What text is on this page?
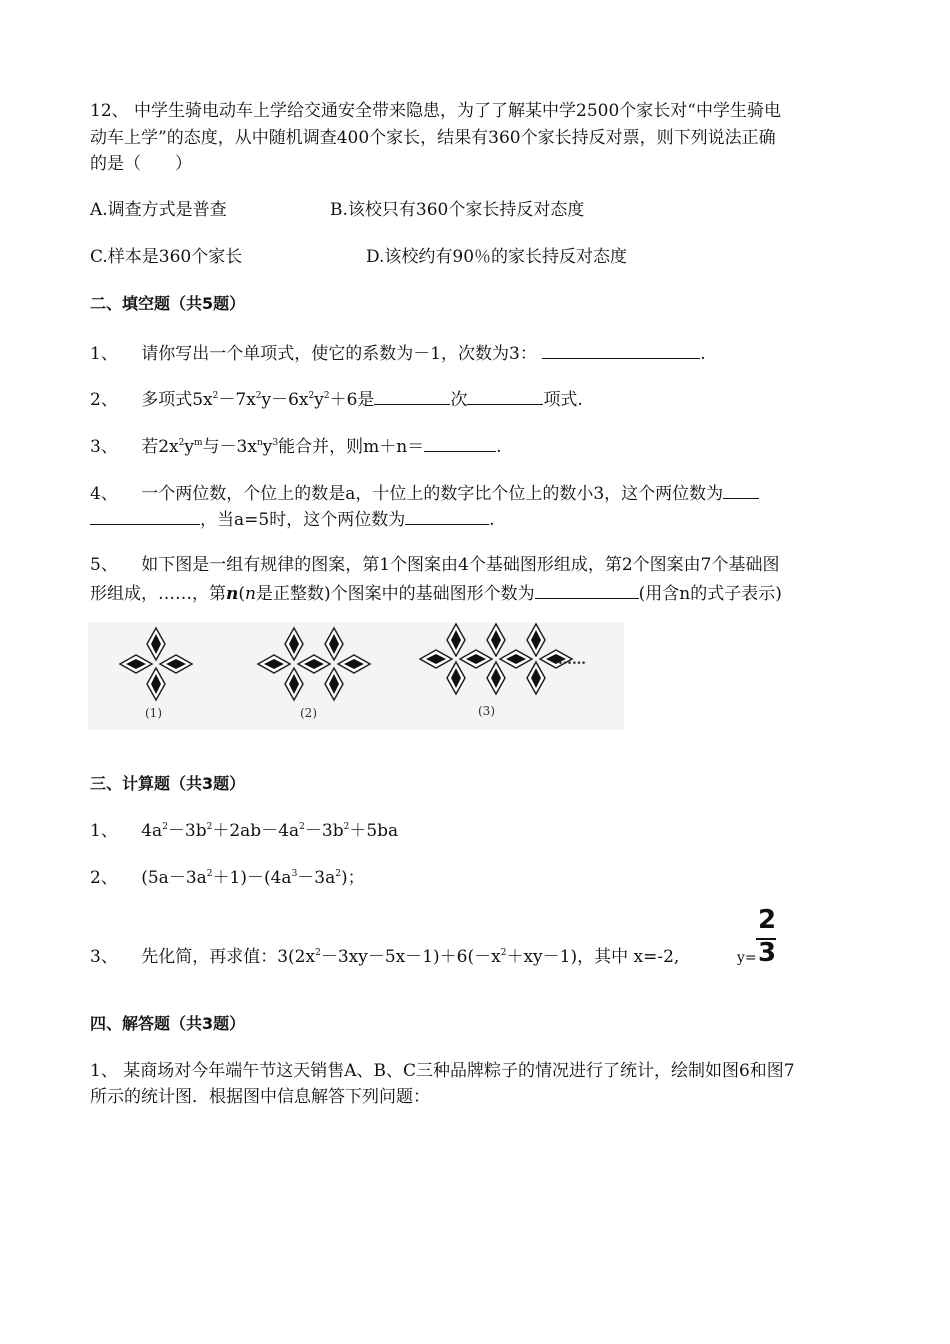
12、 中学生骑电动车上学给交通安全带来隐患，为了了解某中学2500个家长对“中学生骑电
动车上学”的态度，从中随机调查400个家长，结果有360个家长持反对票，则下列说法正确
的是（　　）
A.调查方式是普查	B.该校只有360个家长持反对态度
C.样本是360个家长	D.该校约有90％的家长持反对态度
二、填空题（共5题）
1、 请你写出一个单项式，使它的系数为－1，次数为3：	.
2、 多项式$5x^2-7x^2y-6x^2y^2+6$是	次	项式.
3、 若$2x^2y^m$与$-3x^ny^3$能合并，则m＋n＝	.
4、 一个两位数，个位上的数是a，十位上的数字比个位上的数小3，这个两位数为
，当a=5时，这个两位数为	.
5、 如下图是一组有规律的图案，第1个图案由4个基础图形组成，第2个图案由7个基础图
形组成，……，第n(n是正整数)个图案中的基础图形个数为	(用含n的式子表示)
(1)	(2)	(3)
……
三、计算题（共3题）
1、 $4a^2-3b^2+2ab-4a^2-3b^2+5ba$
2、 $(5a-3a^2+1)-(4a^3-3a^2)$；
3、 先化简，再求值：$3(2x^2-3xy-5x-1)+6(-x^2+xy-1)$，其中 x=-2,	y=
2
3
四、解答题（共3题）
1、 某商场对今年端午节这天销售A、B、C三种品牌粽子的情况进行了统计，绘制如图6和图7
所示的统计图．根据图中信息解答下列问题：
